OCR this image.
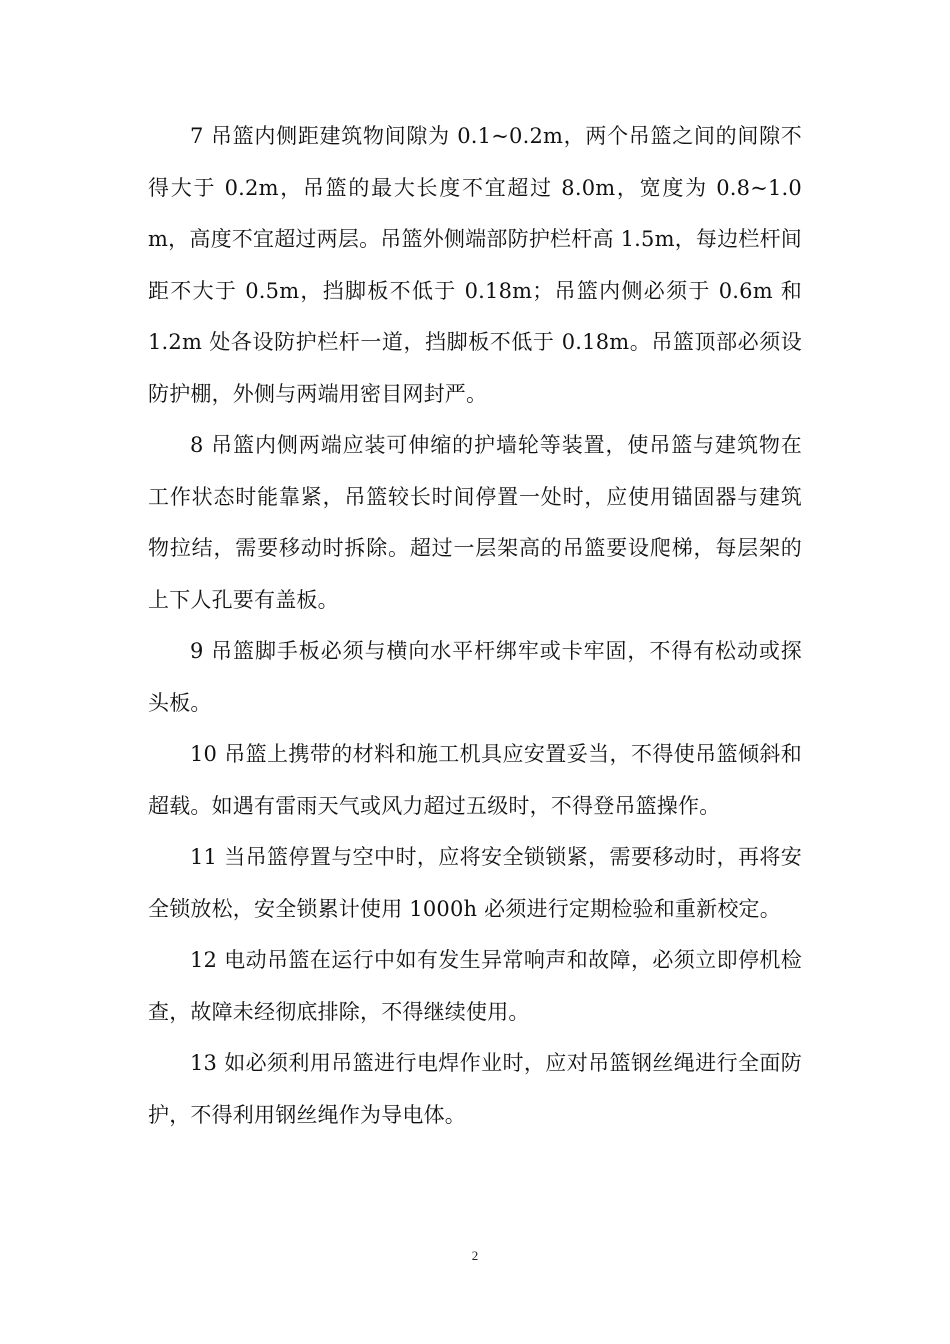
7 吊篮内侧距建筑物间隙为 0.1~0.2m，两个吊篮之间的间隙不得大于 0.2m，吊篮的最大长度不宜超过 8.0m，宽度为 0.8~1.0m，高度不宜超过两层。吊篮外侧端部防护栏杆高 1.5m，每边栏杆间距不大于 0.5m，挡脚板不低于 0.18m；吊篮内侧必须于 0.6m 和 1.2m 处各设防护栏杆一道，挡脚板不低于 0.18m。吊篮顶部必须设防护棚，外侧与两端用密目网封严。

8 吊篮内侧两端应装可伸缩的护墙轮等装置，使吊篮与建筑物在工作状态时能靠紧，吊篮较长时间停置一处时，应使用锚固器与建筑物拉结，需要移动时拆除。超过一层架高的吊篮要设爬梯，每层架的上下人孔要有盖板。

9 吊篮脚手板必须与横向水平杆绑牢或卡牢固，不得有松动或探头板。

10 吊篮上携带的材料和施工机具应安置妥当，不得使吊篮倾斜和超载。如遇有雷雨天气或风力超过五级时，不得登吊篮操作。

11 当吊篮停置与空中时，应将安全锁锁紧，需要移动时，再将安全锁放松，安全锁累计使用 1000h 必须进行定期检验和重新校定。

12 电动吊篮在运行中如有发生异常响声和故障，必须立即停机检查，故障未经彻底排除，不得继续使用。

13 如必须利用吊篮进行电焊作业时，应对吊篮钢丝绳进行全面防护，不得利用钢丝绳作为导电体。

2
